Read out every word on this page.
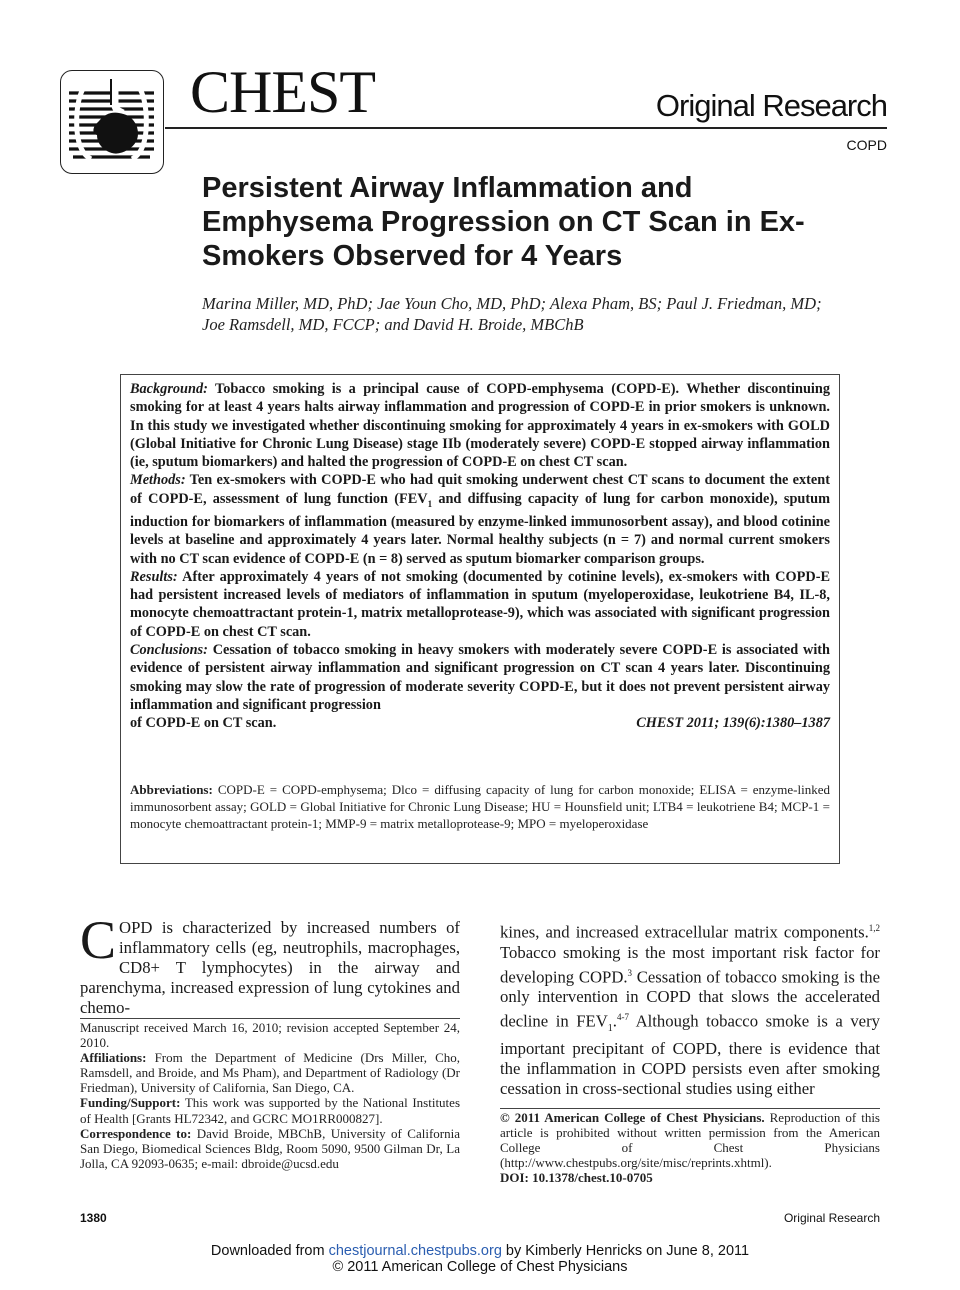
CHEST	Original Research
COPD
Persistent Airway Inflammation and Emphysema Progression on CT Scan in Ex-Smokers Observed for 4 Years
Marina Miller, MD, PhD; Jae Youn Cho, MD, PhD; Alexa Pham, BS; Paul J. Friedman, MD;
Joe Ramsdell, MD, FCCP; and David H. Broide, MBChB

Background: Tobacco smoking is a principal cause of COPD-emphysema (COPD-E). Whether discontinuing smoking for at least 4 years halts airway inflammation and progression of COPD-E in prior smokers is unknown. In this study we investigated whether discontinuing smoking for approximately 4 years in ex-smokers with GOLD (Global Initiative for Chronic Lung Disease) stage IIb (moderately severe) COPD-E stopped airway inflammation (ie, sputum biomarkers) and halted the progression of COPD-E on chest CT scan.

Methods: Ten ex-smokers with COPD-E who had quit smoking underwent chest CT scans to document the extent of COPD-E, assessment of lung function ($FEV_1$ and diffusing capacity of lung for carbon monoxide), sputum induction for biomarkers of inflammation (measured by enzyme-linked immunosorbent assay), and blood cotinine levels at baseline and approximately 4 years later. Normal healthy subjects (n = 7) and normal current smokers with no CT scan evidence of COPD-E (n = 8) served as sputum biomarker comparison groups.

Results: After approximately 4 years of not smoking (documented by cotinine levels), ex-smokers with COPD-E had persistent increased levels of mediators of inflammation in sputum (myeloperoxidase, leukotriene B4, IL-8, monocyte chemoattractant protein-1, matrix metalloprotease-9), which was associated with significant progression of COPD-E on chest CT scan.

Conclusions: Cessation of tobacco smoking in heavy smokers with moderately severe COPD-E is associated with evidence of persistent airway inflammation and significant progression on CT scan 4 years later. Discontinuing smoking may slow the rate of progression of moderate severity COPD-E, but it does not prevent persistent airway inflammation and significant progression

of COPD-E on CT scan.	CHEST 2011; 139(6):1380–1387
Abbreviations: COPD-E = COPD-emphysema; Dlco = diffusing capacity of lung for carbon monoxide; ELISA = enzyme-linked immunosorbent assay; GOLD = Global Initiative for Chronic Lung Disease; HU = Hounsfield unit; LTB4 = leukotriene B4; MCP-1 = monocyte chemoattractant protein-1; MMP-9 = matrix metalloprotease-9; MPO = myeloperoxidase
COPD is characterized by increased numbers of inflammatory cells (eg, neutrophils, macrophages, CD8+ T lymphocytes) in the airway and parenchyma, increased expression of lung cytokines and chemo-
kines, and increased extracellular matrix components.$^{1,2}$ Tobacco smoking is the most important risk factor for developing COPD.$^3$ Cessation of tobacco smoking is the only intervention in COPD that slows the accelerated decline in $FEV_1.^{4-7}$ Although tobacco smoke is a very important precipitant of COPD, there is evidence that the inflammation in COPD persists even after smoking cessation in cross-sectional studies using either

Manuscript received March 16, 2010; revision accepted September 24, 2010.

Affiliations: From the Department of Medicine (Drs Miller, Cho, Ramsdell, and Broide, and Ms Pham), and Department of Radiology (Dr Friedman), University of California, San Diego, CA.

Funding/Support: This work was supported by the National Institutes of Health [Grants HL72342, and GCRC MO1RR000827].

Correspondence to: David Broide, MBChB, University of California San Diego, Biomedical Sciences Bldg, Room 5090, 9500 Gilman Dr, La Jolla, CA 92093-0635; e-mail: dbroide@ucsd.edu

© 2011 American College of Chest Physicians. Reproduction of this article is prohibited without written permission from the American College of Chest Physicians (http://www.chestpubs.org/site/misc/reprints.xhtml).

DOI: 10.1378/chest.10-0705

1380	Original Research
Downloaded from chestjournal.chestpubs.org by Kimberly Henricks on June 8, 2011
© 2011 American College of Chest Physicians
